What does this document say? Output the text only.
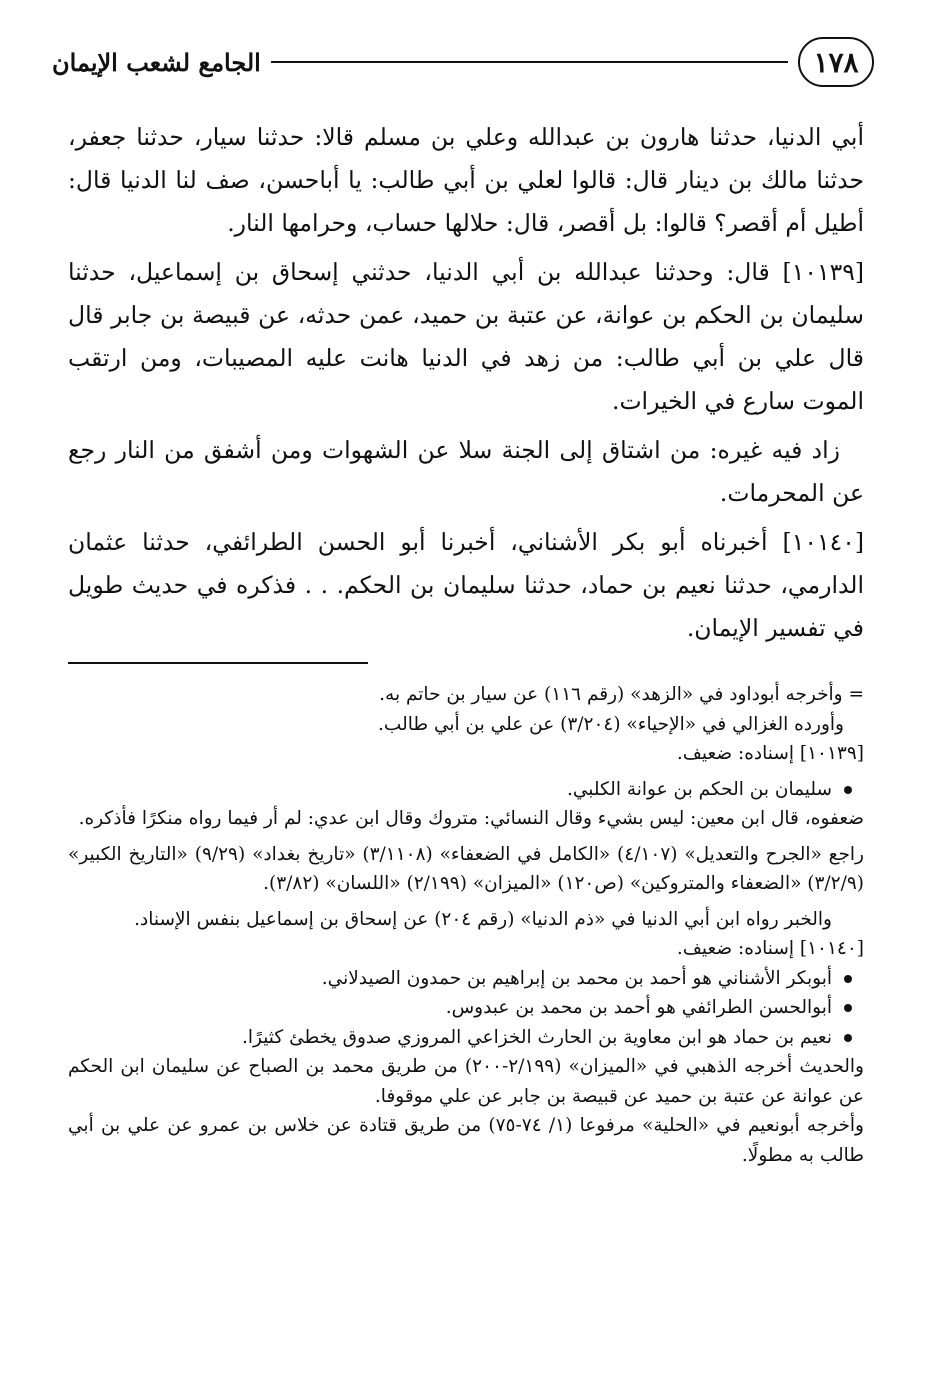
١٧٨
الجامع لشعب الإيمان

أبي الدنيا، حدثنا هارون بن عبدالله وعلي بن مسلم قالا: حدثنا سيار، حدثنا جعفر، حدثنا مالك بن دينار قال: قالوا لعلي بن أبي طالب: يا أباحسن، صف لنا الدنيا قال: أطيل أم أقصر؟ قالوا: بل أقصر، قال: حلالها حساب، وحرامها النار.

[١٠١٣٩] قال: وحدثنا عبدالله بن أبي الدنيا، حدثني إسحاق بن إسماعيل، حدثنا سليمان بن الحكم بن عوانة، عن عتبة بن حميد، عمن حدثه، عن قبيصة بن جابر قال قال علي بن أبي طالب: من زهد في الدنيا هانت عليه المصيبات، ومن ارتقب الموت سارع في الخيرات.

زاد فيه غيره: من اشتاق إلى الجنة سلا عن الشهوات ومن أشفق من النار رجع عن المحرمات.

[١٠١٤٠] أخبرناه أبو بكر الأشناني، أخبرنا أبو الحسن الطرائفي، حدثنا عثمان الدارمي، حدثنا نعيم بن حماد، حدثنا سليمان بن الحكم. . . فذكره في حديث طويل في تفسير الإيمان.

= وأخرجه أبوداود في «الزهد» (رقم ١١٦) عن سيار بن حاتم به.

وأورده الغزالي في «الإحياء» (٣/٢٠٤) عن علي بن أبي طالب.

[١٠١٣٩] إسناده: ضعيف.

سليمان بن الحكم بن عوانة الكلبي.

ضعفوه، قال ابن معين: ليس بشيء وقال النسائي: متروك وقال ابن عدي: لم أر فيما رواه منكرًا فأذكره.

راجع «الجرح والتعديل» (٤/١٠٧) «الكامل في الضعفاء» (٣/١١٠٨) «تاريخ بغداد» (٩/٢٩) «التاريخ الكبير» (٣/٢/٩) «الضعفاء والمتروكين» (ص١٢٠) «الميزان» (٢/١٩٩) «اللسان» (٣/٨٢).

والخبر رواه ابن أبي الدنيا في «ذم الدنيا» (رقم ٢٠٤) عن إسحاق بن إسماعيل بنفس الإسناد.

[١٠١٤٠] إسناده: ضعيف.

أبوبكر الأشناني هو أحمد بن محمد بن إبراهيم بن حمدون الصيدلاني.

أبوالحسن الطرائفي هو أحمد بن محمد بن عبدوس.

نعيم بن حماد هو ابن معاوية بن الحارث الخزاعي المروزي صدوق يخطئ كثيرًا.

والحديث أخرجه الذهبي في «الميزان» (٢/١٩٩-٢٠٠) من طريق محمد بن الصباح عن سليمان ابن الحكم عن عوانة عن عتبة بن حميد عن قبيصة بن جابر عن علي موقوفا.

وأخرجه أبونعيم في «الحلية» مرفوعا (١/ ٧٤-٧٥) من طريق قتادة عن خلاس بن عمرو عن علي بن أبي طالب به مطولًا.
